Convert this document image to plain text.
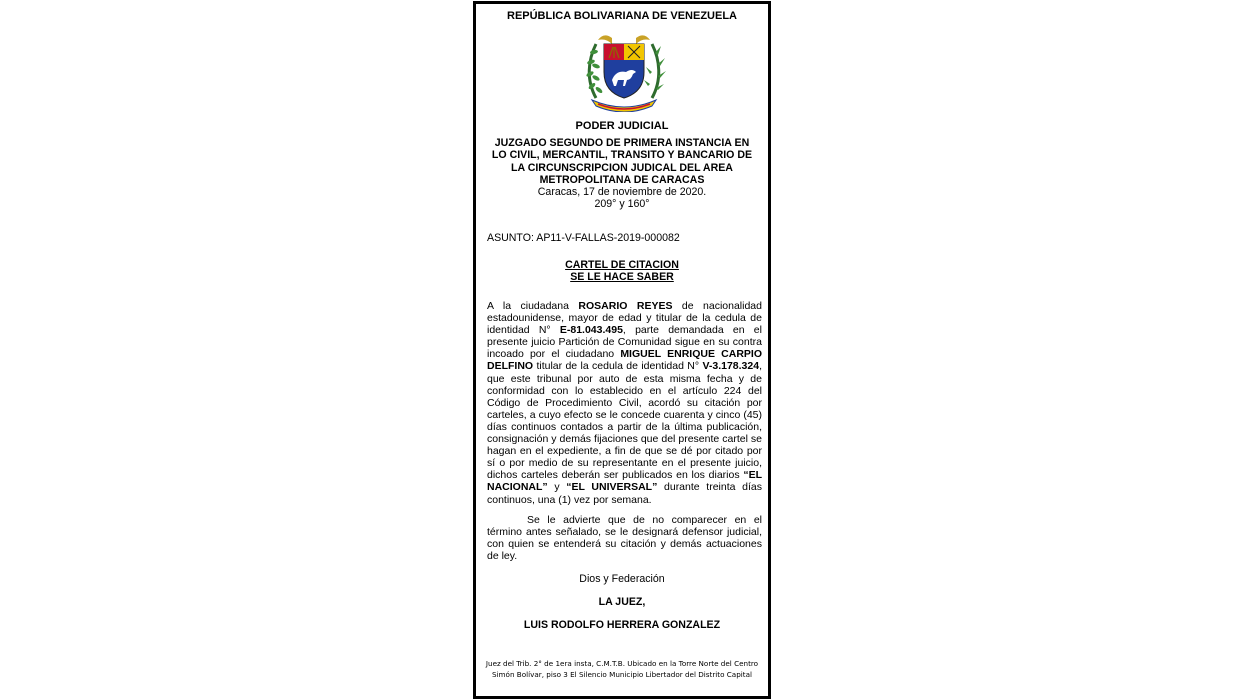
REPÚBLICA BOLIVARIANA DE VENEZUELA
PODER JUDICIAL
JUZGADO SEGUNDO DE PRIMERA INSTANCIA EN LO CIVIL, MERCANTIL, TRANSITO Y BANCARIO DE LA CIRCUNSCRIPCION JUDICAL DEL AREA METROPOLITANA DE CARACAS
Caracas, 17 de noviembre de 2020.
209° y 160°
ASUNTO: AP11-V-FALLAS-2019-000082
CARTEL DE CITACION
SE LE HACE SABER
A la ciudadana ROSARIO REYES de nacionalidad estadounidense, mayor de edad y titular de la cedula de identidad N° E-81.043.495, parte demandada en el presente juicio Partición de Comunidad sigue en su contra incoado por el ciudadano MIGUEL ENRIQUE CARPIO DELFINO titular de la cedula de identidad N° V-3.178.324, que este tribunal por auto de esta misma fecha y de conformidad con lo establecido en el artículo 224 del Código de Procedimiento Civil, acordó su citación por carteles, a cuyo efecto se le concede cuarenta y cinco (45) días continuos contados a partir de la última publicación, consignación y demás fijaciones que del presente cartel se hagan en el expediente, a fin de que se dé por citado por sí o por medio de su representante en el presente juicio, dichos carteles deberán ser publicados en los diarios “EL NACIONAL” y “EL UNIVERSAL” durante treinta días continuos, una (1) vez por semana.
Se le advierte que de no comparecer en el término antes señalado, se le designará defensor judicial, con quien se entenderá su citación y demás actuaciones de ley.
Dios y Federación
LA JUEZ,
LUIS RODOLFO HERRERA GONZALEZ
Juez del Trib. 2° de 1era insta, C.M.T.B. Ubicado en la Torre Norte del Centro Simón Bolívar, piso 3 El Silencio Municipio Libertador del Distrito Capital
